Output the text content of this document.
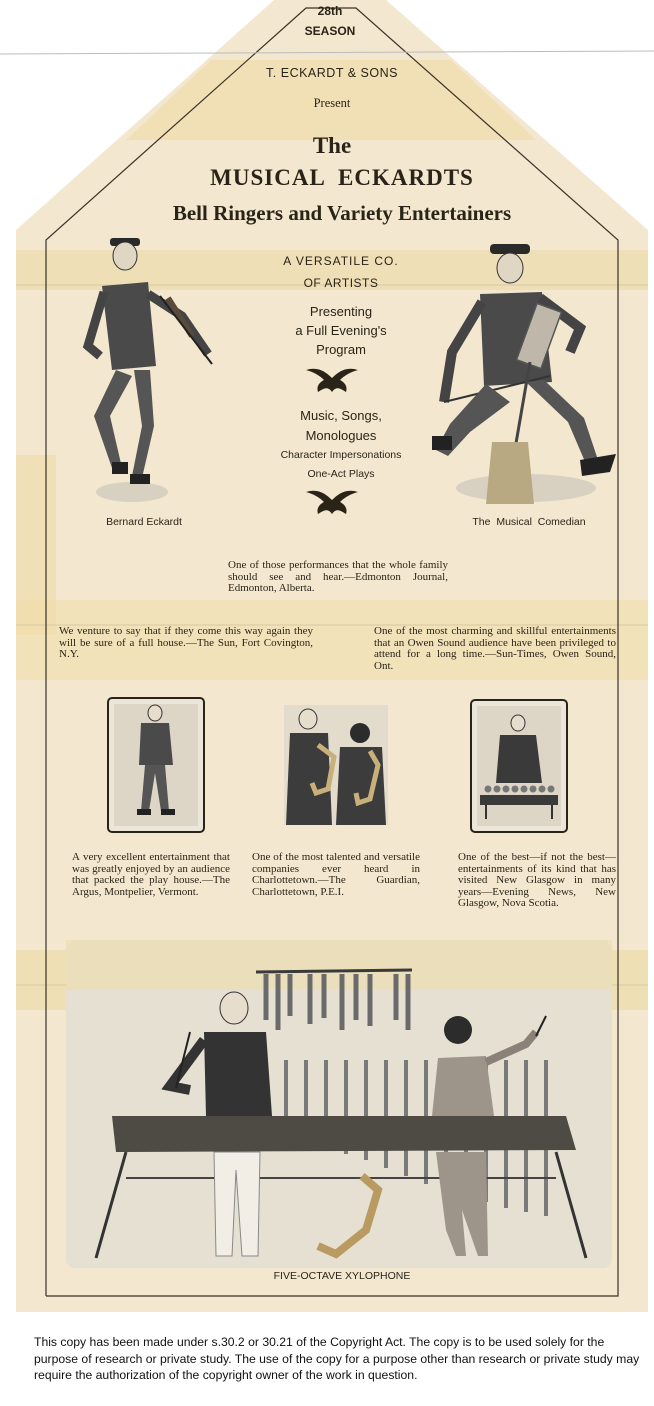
28th
SEASON
T. ECKARDT & SONS
Present
The
MUSICAL  ECKARDTS
Bell Ringers and Variety Entertainers
A VERSATILE CO.
OF ARTISTS
Presenting
a Full Evening's
Program
Music, Songs,
Monologues
Character Impersonations
One-Act Plays
Bernard Eckardt	The  Musical  Comedian
One of those performances that the whole family should see and hear.—Edmonton Journal, Edmonton, Alberta.
We venture to say that if they come this way again they will be sure of a full house.—The Sun, Fort Covington, N.Y.
One of the most charming and skillful entertainments that an Owen Sound audience have been privileged to attend for a long time.—Sun-Times, Owen Sound, Ont.
A very excellent entertainment that was greatly enjoyed by an audience that packed the play house.—The Argus, Montpelier, Vermont.
One of the most talented and versatile companies ever heard in Charlottetown.—The Guardian, Charlottetown, P.E.I.
One of the best—if not the best—entertainments of its kind that has visited New Glasgow in many years—Evening News, New Glasgow, Nova Scotia.
FIVE-OCTAVE XYLOPHONE
This copy has been made under s.30.2 or 30.21 of the Copyright Act. The copy is to be used solely for the purpose of research or private study. The use of the copy for a purpose other than research or private study may require the authorization of the copyright owner of the work in question.
